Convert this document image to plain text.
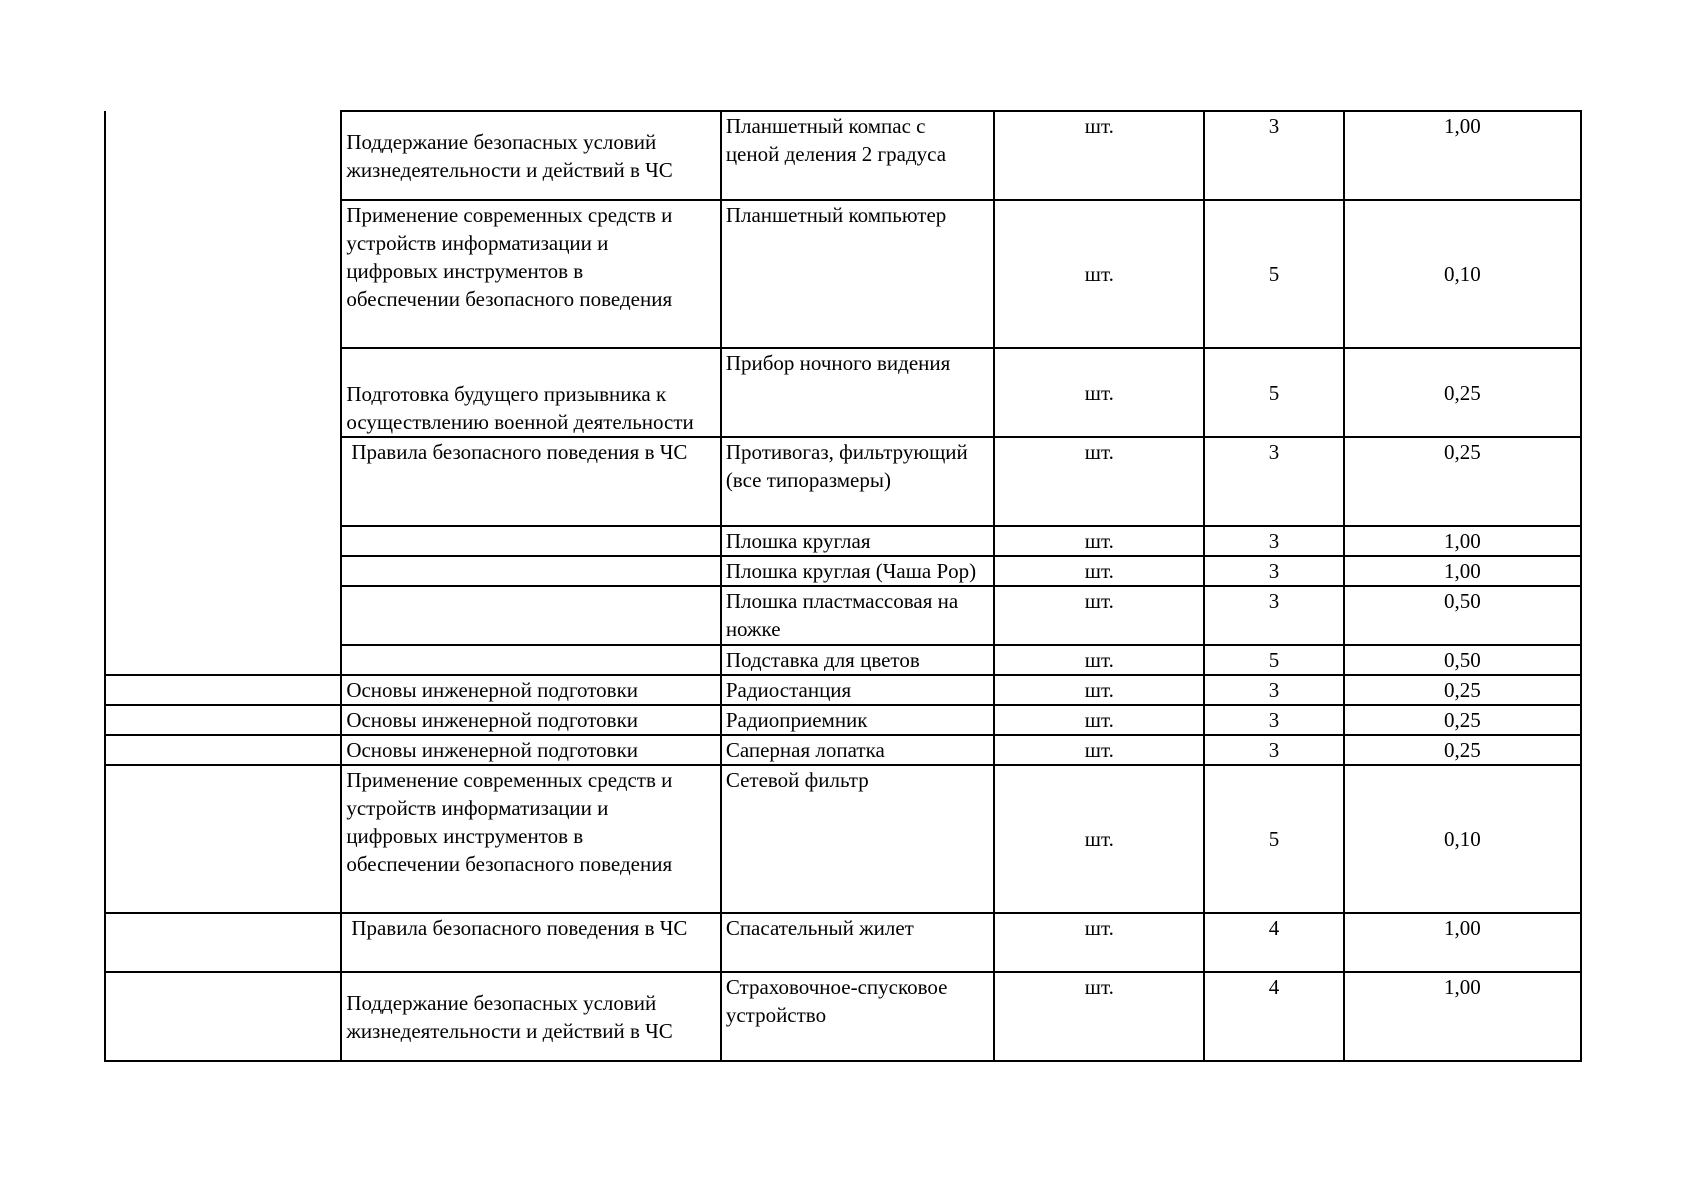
	Поддержание безопасных условий
жизнедеятельности и действий в ЧС	Планшетный компас с
ценой деления 2 градуса	шт.	3	1,00
	Применение современных средств и
устройств информатизации и
цифровых инструментов в
обеспечении безопасного поведения	Планшетный компьютер	шт.	5	0,10
	Подготовка будущего призывника к
осуществлению военной деятельности	Прибор ночного видения	шт.	5	0,25
	Правила безопасного поведения в ЧС	Противогаз, фильтрующий
(все типоразмеры)	шт.	3	0,25
		Плошка круглая	шт.	3	1,00
		Плошка круглая (Чаша Pop)	шт.	3	1,00
		Плошка пластмассовая на
ножке	шт.	3	0,50
		Подставка для цветов	шт.	5	0,50
	Основы инженерной подготовки	Радиостанция	шт.	3	0,25
	Основы инженерной подготовки	Радиоприемник	шт.	3	0,25
	Основы инженерной подготовки	Саперная лопатка	шт.	3	0,25
	Применение современных средств и
устройств информатизации и
цифровых инструментов в
обеспечении безопасного поведения	Сетевой фильтр	шт.	5	0,10
	Правила безопасного поведения в ЧС	Спасательный жилет	шт.	4	1,00
	Поддержание безопасных условий
жизнедеятельности и действий в ЧС	Страховочное-спусковое
устройство	шт.	4	1,00
